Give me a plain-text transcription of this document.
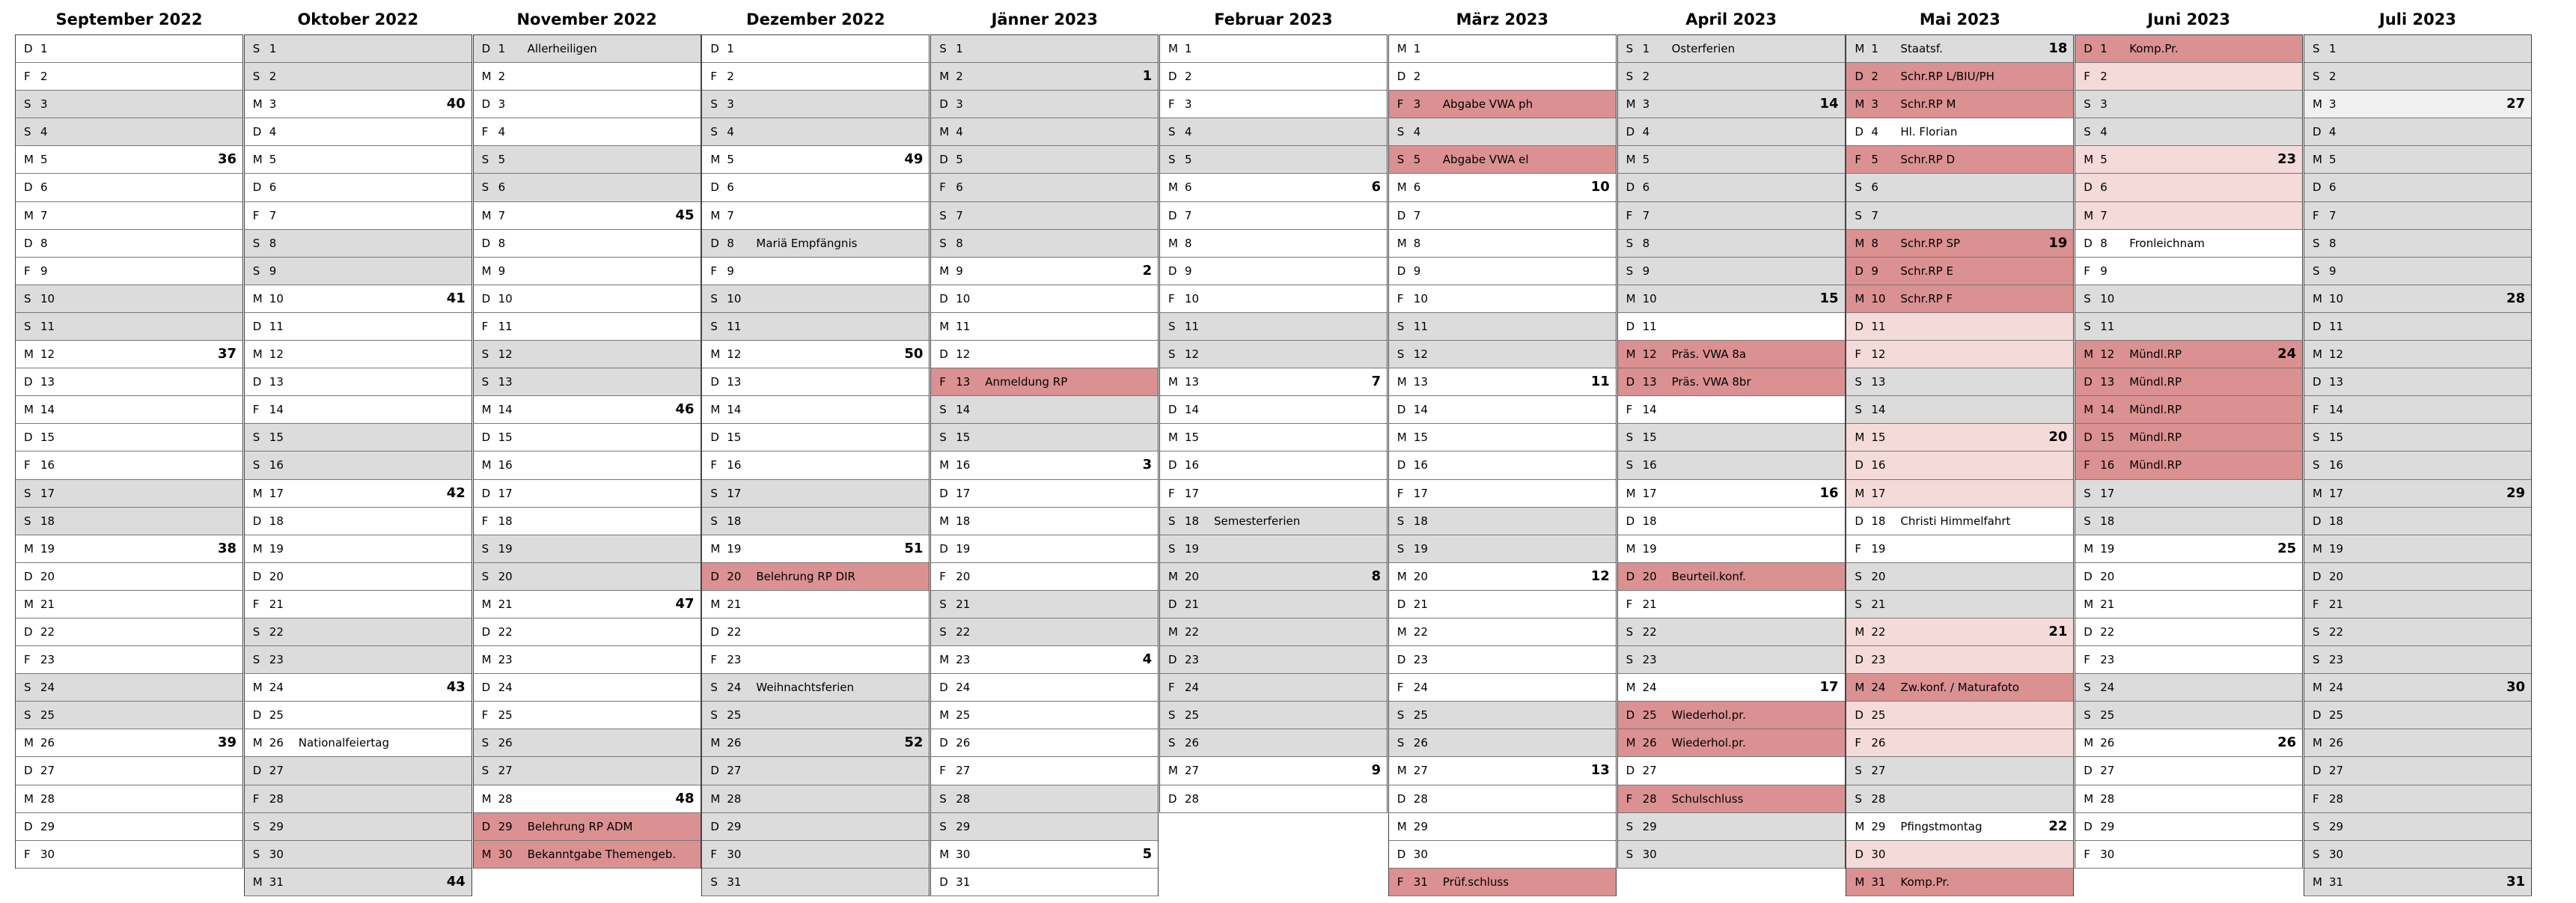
September 2022
D 1
F 2
S 3
S 4
M 5	36
D 6
M 7
D 8
F 9
S 10
S 11
M 12	37
D 13
M 14
D 15
F 16
S 17
S 18
M 19	38
D 20
M 21
D 22
F 23
S 24
S 25
M 26	39
D 27
M 28
D 29
F 30
Oktober 2022
S 1
S 2
M 3	40
D 4
M 5
D 6
F 7
S 8
S 9
M 10	41
D 11
M 12
D 13
F 14
S 15
S 16
M 17	42
D 18
M 19
D 20
F 21
S 22
S 23
M 24	43
D 25
M 26 Nationalfeiertag
D 27
F 28
S 29
S 30
M 31	44
November 2022
D 1 Allerheiligen
M 2
D 3
F 4
S 5
S 6
M 7	45
D 8
M 9
D 10
F 11
S 12
S 13
M 14	46
D 15
M 16
D 17
F 18
S 19
S 20
M 21	47
D 22
M 23
D 24
F 25
S 26
S 27
M 28	48
D 29 Belehrung RP ADM
M 30 Bekanntgabe Themengeb.
Dezember 2022
D 1
F 2
S 3
S 4
M 5	49
D 6
M 7
D 8 Mariä Empfängnis
F 9
S 10
S 11
M 12	50
D 13
M 14
D 15
F 16
S 17
S 18
M 19	51
D 20 Belehrung RP DIR
M 21
D 22
F 23
S 24 Weihnachtsferien
S 25
M 26	52
D 27
M 28
D 29
F 30
S 31
Jänner 2023
S 1
M 2	1
D 3
M 4
D 5
F 6
S 7
S 8
M 9	2
D 10
M 11
D 12
F 13 Anmeldung RP
S 14
S 15
M 16	3
D 17
M 18
D 19
F 20
S 21
S 22
M 23	4
D 24
M 25
D 26
F 27
S 28
S 29
M 30	5
D 31
Februar 2023
M 1
D 2
F 3
S 4
S 5
M 6	6
D 7
M 8
D 9
F 10
S 11
S 12
M 13	7
D 14
M 15
D 16
F 17
S 18 Semesterferien
S 19
M 20	8
D 21
M 22
D 23
F 24
S 25
S 26
M 27	9
D 28
März 2023
M 1
D 2
F 3 Abgabe VWA ph
S 4
S 5 Abgabe VWA el
M 6	10
D 7
M 8
D 9
F 10
S 11
S 12
M 13	11
D 14
M 15
D 16
F 17
S 18
S 19
M 20	12
D 21
M 22
D 23
F 24
S 25
S 26
M 27	13
D 28
M 29
D 30
F 31 Prüf.schluss
April 2023
S 1 Osterferien
S 2
M 3	14
D 4
M 5
D 6
F 7
S 8
S 9
M 10	15
D 11
M 12 Präs. VWA 8a
D 13 Präs. VWA 8br
F 14
S 15
S 16
M 17	16
D 18
M 19
D 20 Beurteil.konf.
F 21
S 22
S 23
M 24	17
D 25 Wiederhol.pr.
M 26 Wiederhol.pr.
D 27
F 28 Schulschluss
S 29
S 30
Mai 2023
M 1 Staatsf.	18
D 2 Schr.RP L/BIU/PH
M 3 Schr.RP M
D 4 Hl. Florian
F 5 Schr.RP D
S 6
S 7
M 8 Schr.RP SP	19
D 9 Schr.RP E
M 10 Schr.RP F
D 11
F 12
S 13
S 14
M 15	20
D 16
M 17
D 18 Christi Himmelfahrt
F 19
S 20
S 21
M 22	21
D 23
M 24 Zw.konf. / Maturafoto
D 25
F 26
S 27
S 28
M 29 Pfingstmontag	22
D 30
M 31 Komp.Pr.
Juni 2023
D 1 Komp.Pr.
F 2
S 3
S 4
M 5	23
D 6
M 7
D 8 Fronleichnam
F 9
S 10
S 11
M 12 Mündl.RP	24
D 13 Mündl.RP
M 14 Mündl.RP
D 15 Mündl.RP
F 16 Mündl.RP
S 17
S 18
M 19	25
D 20
M 21
D 22
F 23
S 24
S 25
M 26	26
D 27
M 28
D 29
F 30
Juli 2023
S 1
S 2
M 3	27
D 4
M 5
D 6
F 7
S 8
S 9
M 10	28
D 11
M 12
D 13
F 14
S 15
S 16
M 17	29
D 18
M 19
D 20
F 21
S 22
S 23
M 24	30
D 25
M 26
D 27
F 28
S 29
S 30
M 31	31
